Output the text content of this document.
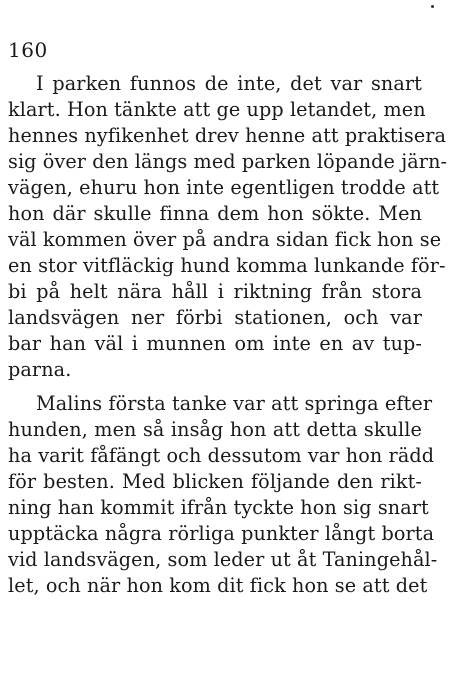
160
I parken funnos de inte, det var snart
klart. Hon tänkte att ge upp letandet, men
hennes nyfikenhet drev henne att praktisera
sig över den längs med parken löpande järn-
vägen, ehuru hon inte egentligen trodde att
hon där skulle finna dem hon sökte. Men
väl kommen över på andra sidan fick hon se
en stor vitfläckig hund komma lunkande för-
bi på helt nära håll i riktning från stora
landsvägen ner förbi stationen, och var
bar han väl i munnen om inte en av tup-
parna.
Malins första tanke var att springa efter
hunden, men så insåg hon att detta skulle
ha varit fåfängt och dessutom var hon rädd
för besten. Med blicken följande den rikt-
ning han kommit ifrån tyckte hon sig snart
upptäcka några rörliga punkter långt borta
vid landsvägen, som leder ut åt Taningehål-
let, och när hon kom dit fick hon se att det
